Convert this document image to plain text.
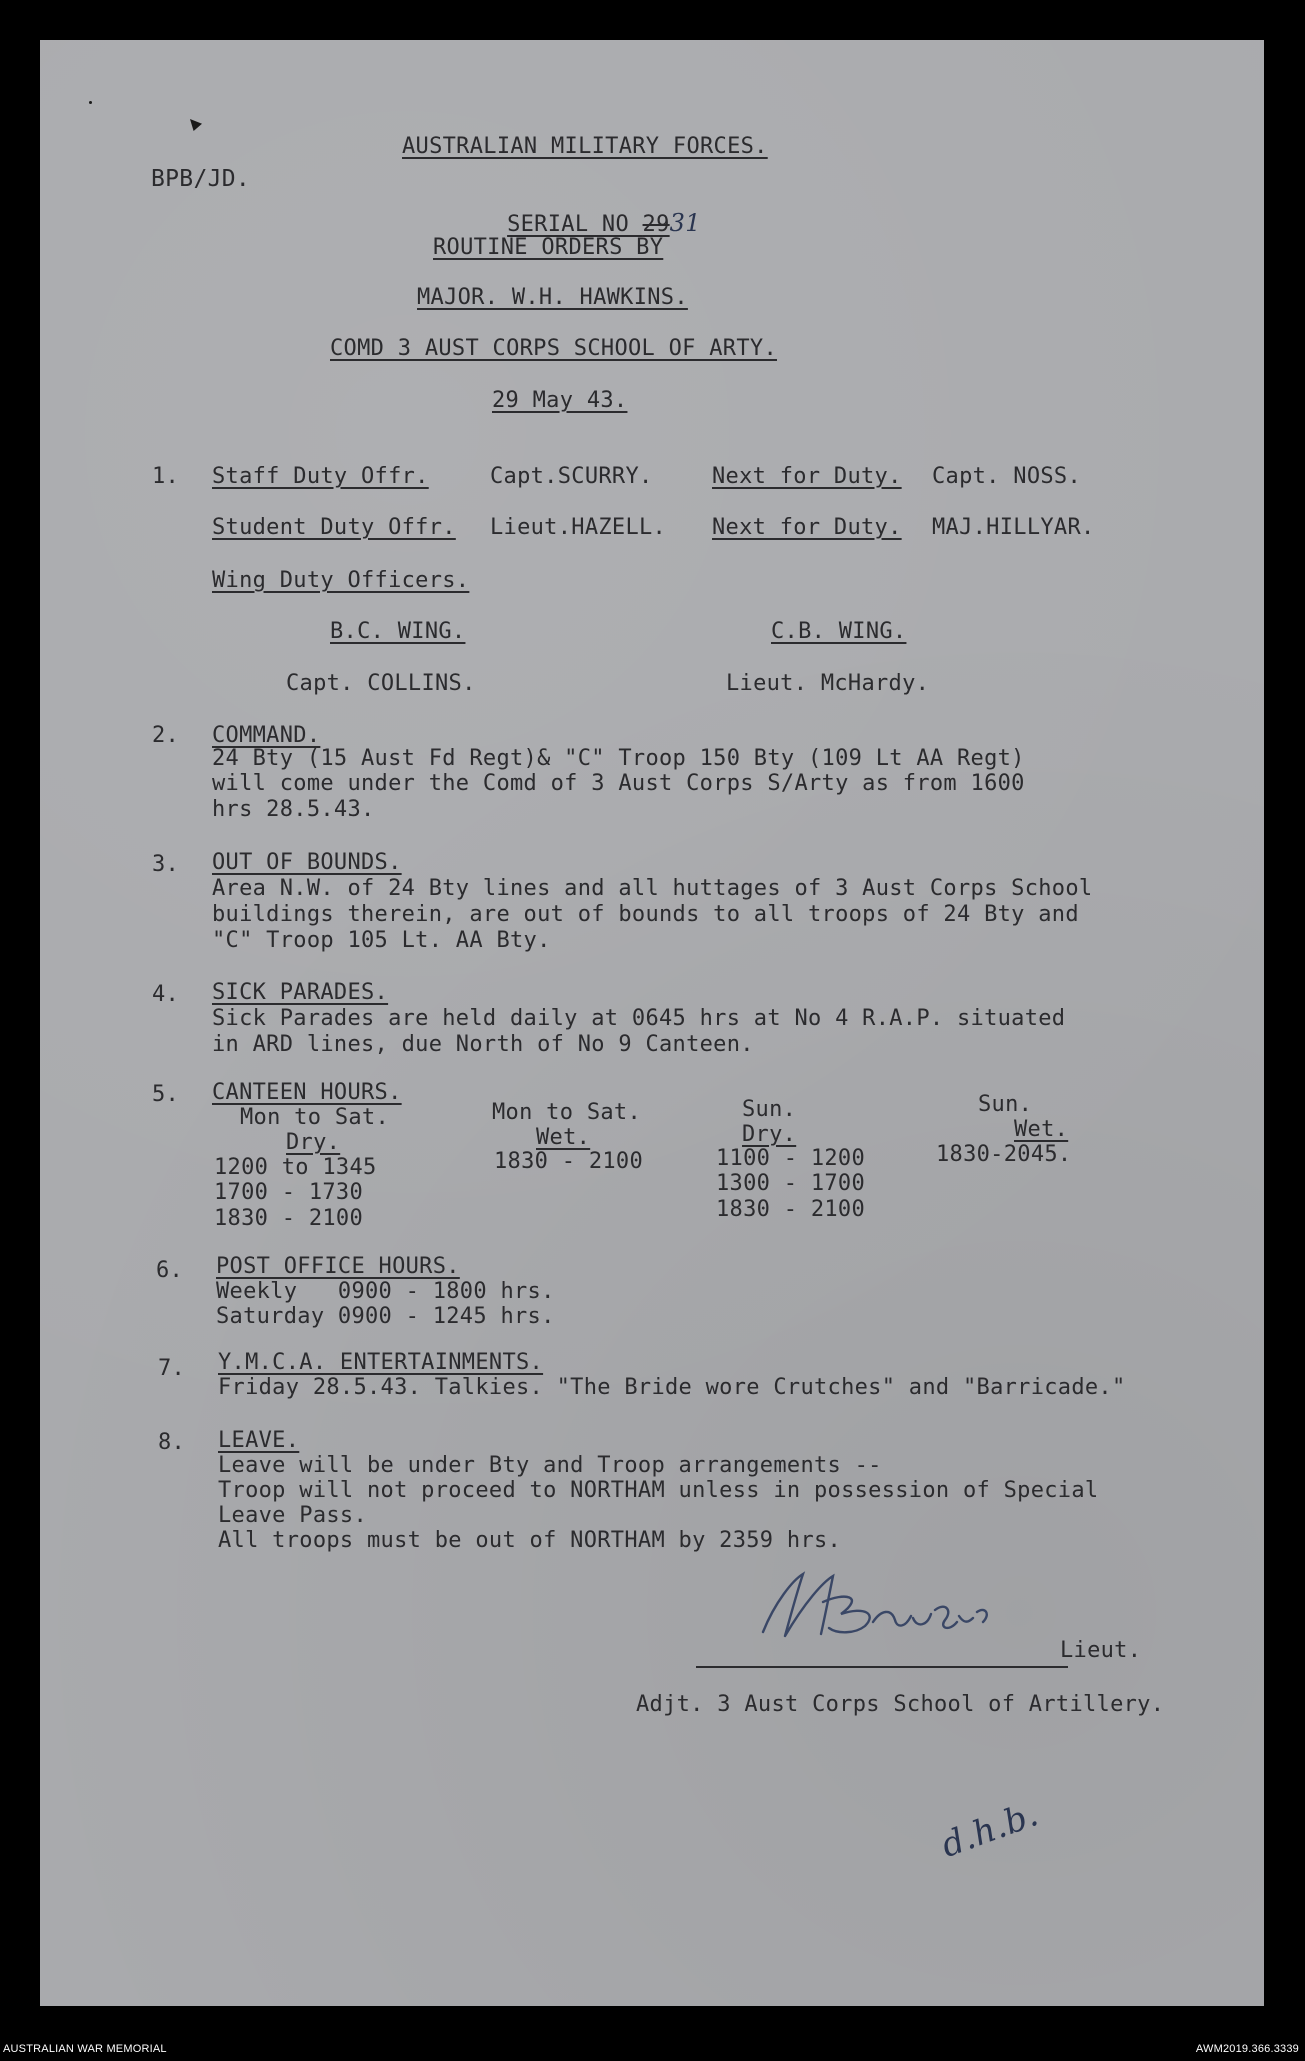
BPB/JD.
AUSTRALIAN MILITARY FORCES.

SERIAL NO 2931

ROUTINE ORDERS BY
MAJOR. W.H. HAWKINS.
COMD 3 AUST CORPS SCHOOL OF ARTY.
29 May 43.
1. Staff Duty Offr.	Capt.SCURRY.	Next for Duty. Capt. NOSS.
Student Duty Offr. Lieut.HAZELL. Next for Duty. MAJ.HILLYAR.
Wing Duty Officers.
B.C. WING.
Capt. COLLINS.
C.B. WING.
Lieut. McHardy.
2. COMMAND.
24 Bty (15 Aust Fd Regt)& "C" Troop 150 Bty (109 Lt AA Regt)
will come under the Comd of 3 Aust Corps S/Arty as from 1600
hrs 28.5.43.
3. OUT OF BOUNDS.
Area N.W. of 24 Bty lines and all huttages of 3 Aust Corps School
buildings therein, are out of bounds to all troops of 24 Bty and
"C" Troop 105 Lt. AA Bty.
4. SICK PARADES.
Sick Parades are held daily at 0645 hrs at No 4 R.A.P. situated
in ARD lines, due North of No 9 Canteen.
5. CANTEEN HOURS.
Mon to Sat.
Dry.
1200 to 1345
1700 - 1730
1830 - 2100
Mon to Sat.
Wet.
1830 - 2100
Sun.
Dry.
1100 - 1200
1300 - 1700
1830 - 2100
Sun.
Wet.
1830-2045.
6. POST OFFICE HOURS.
Weekly   0900 - 1800 hrs.
Saturday 0900 - 1245 hrs.
7. Y.M.C.A. ENTERTAINMENTS.
Friday 28.5.43. Talkies. "The Bride wore Crutches" and "Barricade."
8. LEAVE.
Leave will be under Bty and Troop arrangements --
Troop will not proceed to NORTHAM unless in possession of Special
Leave Pass.
All troops must be out of NORTHAM by 2359 hrs.
Lieut.
Adjt. 3 Aust Corps School of Artillery.
d.h.b.
AUSTRALIAN WAR MEMORIAL	AWM2019.366.3339
